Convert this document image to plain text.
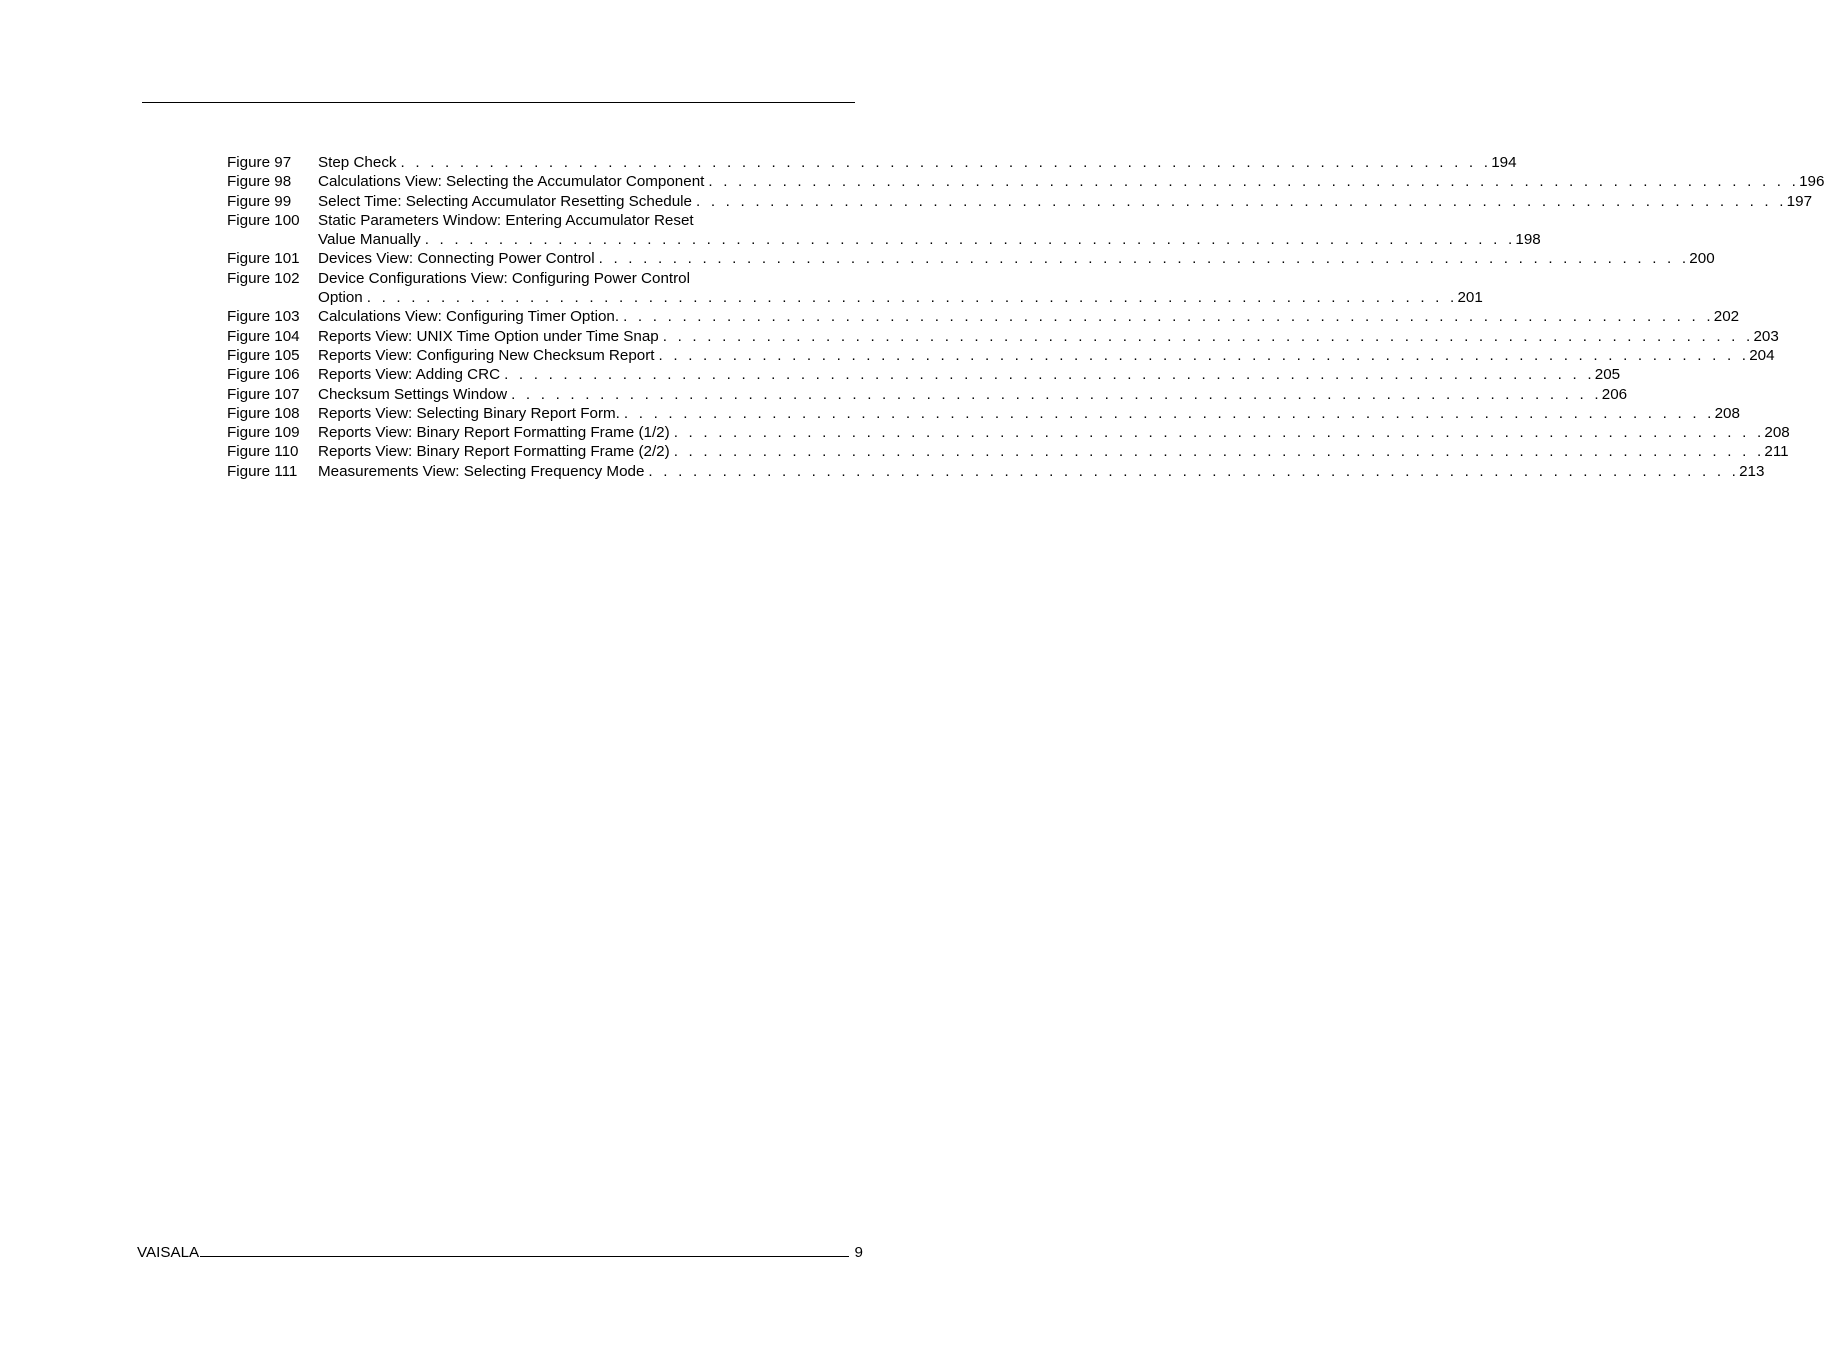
Figure 97	Step Check . . . . . . . . . . . . . . . . . . . . . . . . . . . . . . . . . . . . . . . . . . . . . . . . . . . . . . . . . . . . . . . . . . . . . . . . . . 194
Figure 98	Calculations View: Selecting the Accumulator Component . . . . . . . . . . . . . . . . . . . . . . . . . . . . . . . . . . . . . . . . . . . . . . . . . . . . . . . . . . . . . . . . . . . . . . . . . . 196
Figure 99	Select Time: Selecting Accumulator Resetting Schedule . . . . . . . . . . . . . . . . . . . . . . . . . . . . . . . . . . . . . . . . . . . . . . . . . . . . . . . . . . . . . . . . . . . . . . . . . . 197
Figure 100	Static Parameters Window: Entering Accumulator Reset
Value Manually . . . . . . . . . . . . . . . . . . . . . . . . . . . . . . . . . . . . . . . . . . . . . . . . . . . . . . . . . . . . . . . . . . . . . . . . . . 198
Figure 101	Devices View: Connecting Power Control . . . . . . . . . . . . . . . . . . . . . . . . . . . . . . . . . . . . . . . . . . . . . . . . . . . . . . . . . . . . . . . . . . . . . . . . . . 200
Figure 102	Device Configurations View: Configuring Power Control
Option . . . . . . . . . . . . . . . . . . . . . . . . . . . . . . . . . . . . . . . . . . . . . . . . . . . . . . . . . . . . . . . . . . . . . . . . . . 201
Figure 103	Calculations View: Configuring Timer Option. . . . . . . . . . . . . . . . . . . . . . . . . . . . . . . . . . . . . . . . . . . . . . . . . . . . . . . . . . . . . . . . . . . . . . . . . . . 202
Figure 104	Reports View: UNIX Time Option under Time Snap . . . . . . . . . . . . . . . . . . . . . . . . . . . . . . . . . . . . . . . . . . . . . . . . . . . . . . . . . . . . . . . . . . . . . . . . . . 203
Figure 105	Reports View: Configuring New Checksum Report . . . . . . . . . . . . . . . . . . . . . . . . . . . . . . . . . . . . . . . . . . . . . . . . . . . . . . . . . . . . . . . . . . . . . . . . . . 204
Figure 106	Reports View: Adding CRC . . . . . . . . . . . . . . . . . . . . . . . . . . . . . . . . . . . . . . . . . . . . . . . . . . . . . . . . . . . . . . . . . . . . . . . . . . 205
Figure 107	Checksum Settings Window . . . . . . . . . . . . . . . . . . . . . . . . . . . . . . . . . . . . . . . . . . . . . . . . . . . . . . . . . . . . . . . . . . . . . . . . . . 206
Figure 108	Reports View: Selecting Binary Report Form. . . . . . . . . . . . . . . . . . . . . . . . . . . . . . . . . . . . . . . . . . . . . . . . . . . . . . . . . . . . . . . . . . . . . . . . . . . 208
Figure 109	Reports View: Binary Report Formatting Frame (1/2) . . . . . . . . . . . . . . . . . . . . . . . . . . . . . . . . . . . . . . . . . . . . . . . . . . . . . . . . . . . . . . . . . . . . . . . . . . 208
Figure 110	Reports View: Binary Report Formatting Frame (2/2) . . . . . . . . . . . . . . . . . . . . . . . . . . . . . . . . . . . . . . . . . . . . . . . . . . . . . . . . . . . . . . . . . . . . . . . . . . 211
Figure 111	Measurements View: Selecting Frequency Mode . . . . . . . . . . . . . . . . . . . . . . . . . . . . . . . . . . . . . . . . . . . . . . . . . . . . . . . . . . . . . . . . . . . . . . . . . . 213
VAISALA	9
